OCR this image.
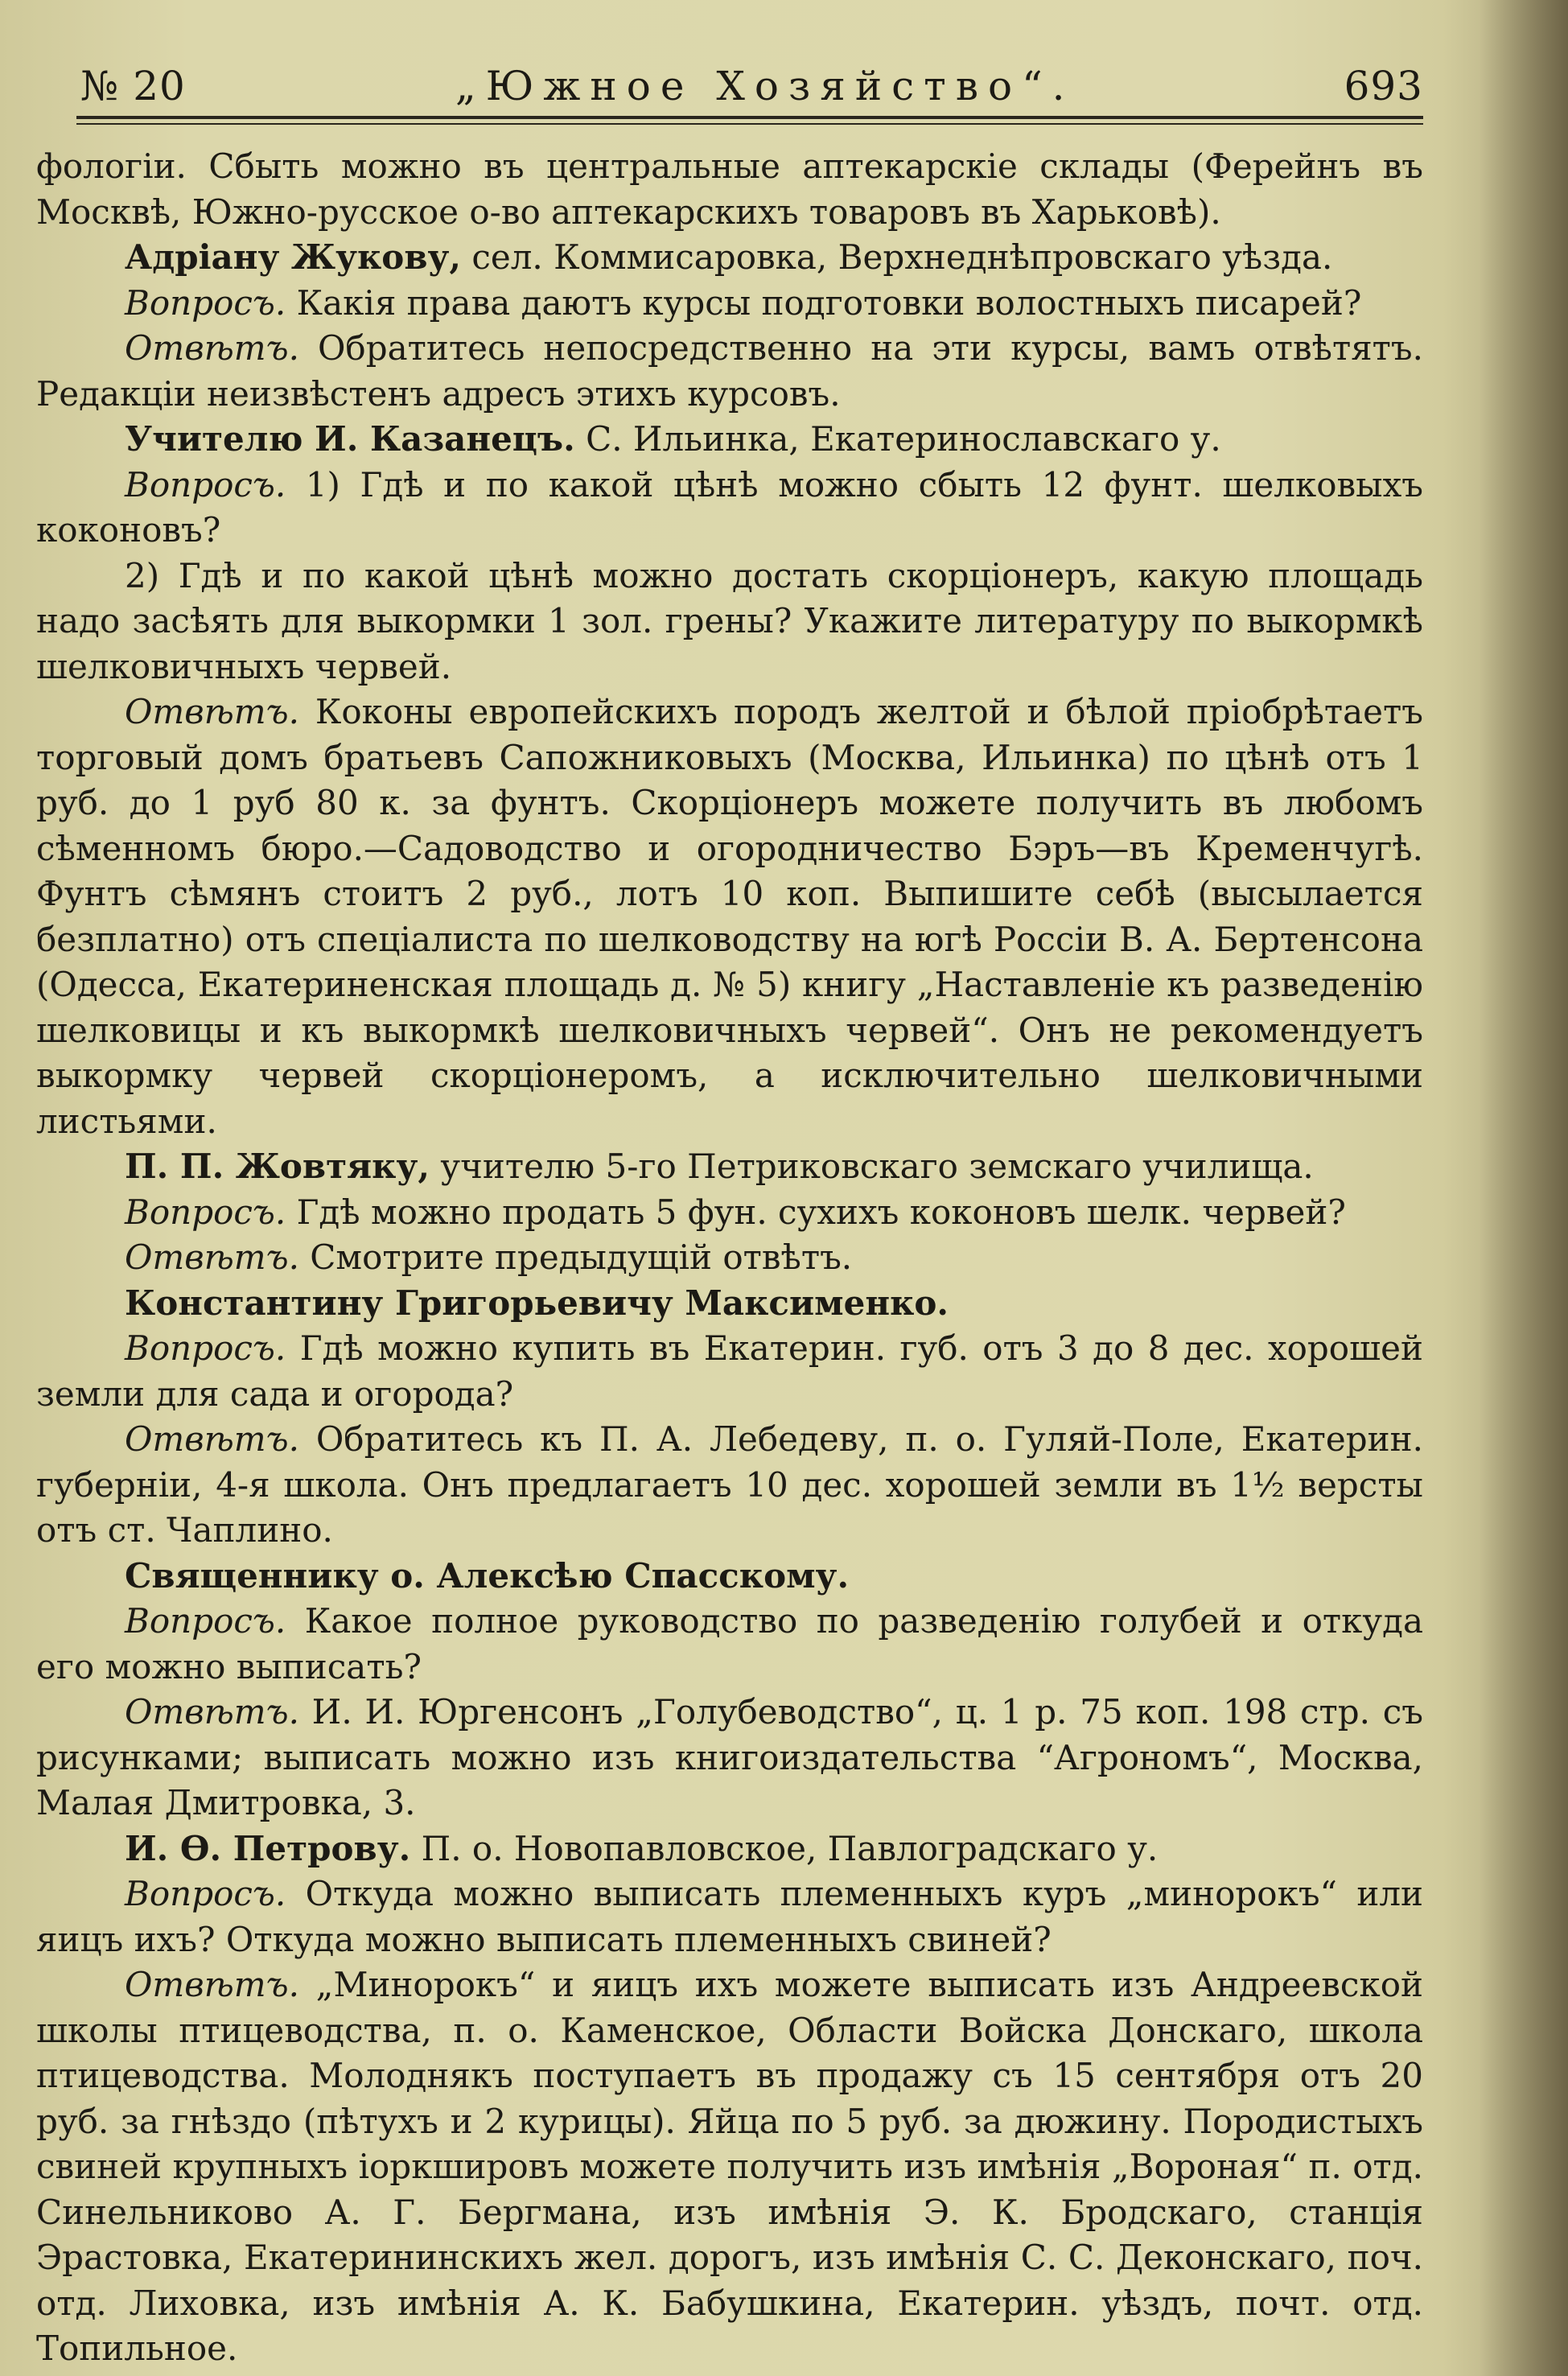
№ 20	„Южное Хозяйство“.	693

фологіи. Сбыть можно въ центральные аптекарскіе склады (Ферейнъ въ Москвѣ, Южно-русское о-во аптекарскихъ товаровъ въ Харьковѣ).

Адріану Жукову, сел. Коммисаровка, Верхнеднѣпровскаго уѣзда.

Вопросъ. Какія права даютъ курсы подготовки волостныхъ писарей?

Отвѣтъ. Обратитесь непосредственно на эти курсы, вамъ отвѣтятъ. Редакціи неизвѣстенъ адресъ этихъ курсовъ.

Учителю И. Казанецъ. С. Ильинка, Екатеринославскаго у.

Вопросъ. 1) Гдѣ и по какой цѣнѣ можно сбыть 12 фунт. шелковыхъ коконовъ?

2) Гдѣ и по какой цѣнѣ можно достать скорціонеръ, какую площадь надо засѣять для выкормки 1 зол. грены? Укажите литературу по выкормкѣ шелковичныхъ червей.

Отвѣтъ. Коконы европейскихъ породъ желтой и бѣлой пріобрѣтаетъ торговый домъ братьевъ Сапожниковыхъ (Москва, Ильинка) по цѣнѣ отъ 1 руб. до 1 руб 80 к. за фунтъ. Скорціонеръ можете получить въ любомъ сѣменномъ бюро.—Садоводство и огородничество Бэръ—въ Кременчугѣ. Фунтъ сѣмянъ стоитъ 2 руб., лотъ 10 коп. Выпишите себѣ (высылается безплатно) отъ спеціалиста по шелководству на югѣ Россіи В. А. Бертенсона (Одесса, Екатериненская площадь д. № 5) книгу „Наставленіе къ разведенію шелковицы и къ выкормкѣ шелковичныхъ червей“. Онъ не рекомендуетъ выкормку червей скорціонеромъ, а исключительно шелковичными листьями.

П. П. Жовтяку, учителю 5-го Петриковскаго земскаго училища.

Вопросъ. Гдѣ можно продать 5 фун. сухихъ коконовъ шелк. червей?

Отвѣтъ. Смотрите предыдущій отвѣтъ.

Константину Григорьевичу Максименко.

Вопросъ. Гдѣ можно купить въ Екатерин. губ. отъ 3 до 8 дес. хорошей земли для сада и огорода?

Отвѣтъ. Обратитесь къ П. А. Лебедеву, п. о. Гуляй-Поле, Екатерин. губерніи, 4-я школа. Онъ предлагаетъ 10 дес. хорошей земли въ 1½ версты отъ ст. Чаплино.

Священнику о. Алексѣю Спасскому.

Вопросъ. Какое полное руководство по разведенію голубей и откуда его можно выписать?

Отвѣтъ. И. И. Юргенсонъ „Голубеводство“, ц. 1 р. 75 коп. 198 стр. съ рисунками; выписать можно изъ книгоиздательства “Агрономъ“, Москва, Малая Дмитровка, 3.

И. Ѳ. Петрову. П. о. Новопавловское, Павлоградскаго у.

Вопросъ. Откуда можно выписать племенныхъ куръ „минорокъ“ или яицъ ихъ? Откуда можно выписать племенныхъ свиней?

Отвѣтъ. „Минорокъ“ и яицъ ихъ можете выписать изъ Андреевской школы птицеводства, п. о. Каменское, Области Войска Донскаго, школа птицеводства. Молоднякъ поступаетъ въ продажу съ 15 сентября отъ 20 руб. за гнѣздо (пѣтухъ и 2 курицы). Яйца по 5 руб. за дюжину. Породистыхъ свиней крупныхъ іоркшировъ можете получить изъ имѣнія „Вороная“ п. отд. Синельниково А. Г. Бергмана, изъ имѣнія Э. К. Бродскаго, станція Эрастовка, Екатерининскихъ жел. дорогъ, изъ имѣнія С. С. Деконскаго, поч. отд. Лиховка, изъ имѣнія А. К. Бабушкина, Екатерин. уѣздъ, почт. отд. Топильное.
